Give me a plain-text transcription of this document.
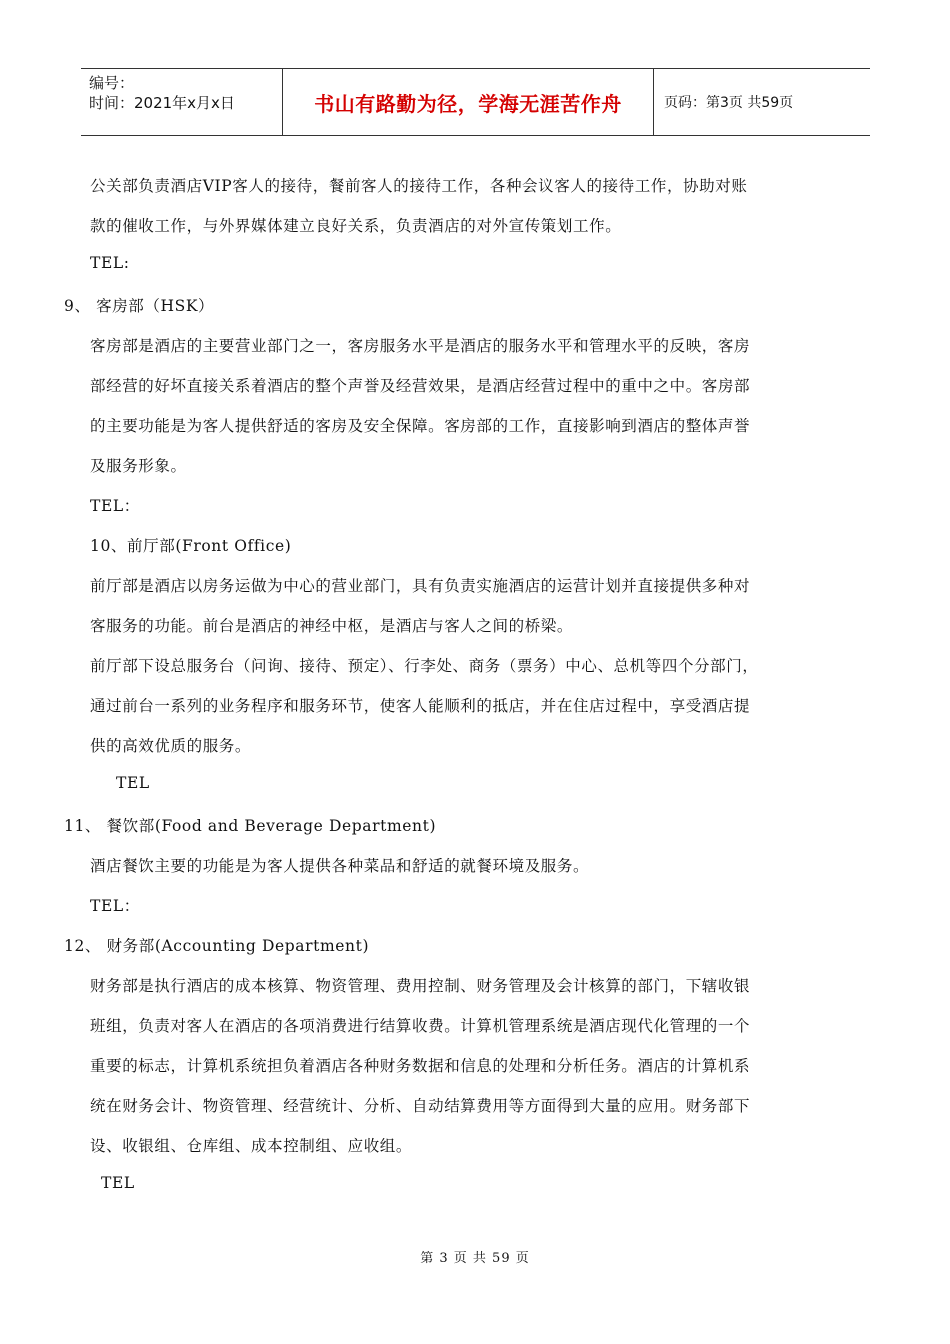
编号：
时间：2021年x月x日	书山有路勤为径，学海无涯苦作舟	页码：第3页 共59页
公关部负责酒店VIP客人的接待，餐前客人的接待工作，各种会议客人的接待工作，协助对账
款的催收工作，与外界媒体建立良好关系，负责酒店的对外宣传策划工作。
TEL:
9、 客房部（HSK）
客房部是酒店的主要营业部门之一，客房服务水平是酒店的服务水平和管理水平的反映，客房
部经营的好坏直接关系着酒店的整个声誉及经营效果，是酒店经营过程中的重中之中。客房部
的主要功能是为客人提供舒适的客房及安全保障。客房部的工作，直接影响到酒店的整体声誉
及服务形象。
TEL：
10、前厅部(Front Office)
前厅部是酒店以房务运做为中心的营业部门，具有负责实施酒店的运营计划并直接提供多种对
客服务的功能。前台是酒店的神经中枢，是酒店与客人之间的桥梁。
前厅部下设总服务台（问询、接待、预定）、行李处、商务（票务）中心、总机等四个分部门，
通过前台一系列的业务程序和服务环节，使客人能顺利的抵店，并在住店过程中，享受酒店提
供的高效优质的服务。
TEL
11、 餐饮部(Food and Beverage Department)
酒店餐饮主要的功能是为客人提供各种菜品和舒适的就餐环境及服务。
TEL：
12、 财务部(Accounting Department)
财务部是执行酒店的成本核算、物资管理、费用控制、财务管理及会计核算的部门，下辖收银
班组，负责对客人在酒店的各项消费进行结算收费。计算机管理系统是酒店现代化管理的一个
重要的标志，计算机系统担负着酒店各种财务数据和信息的处理和分析任务。酒店的计算机系
统在财务会计、物资管理、经营统计、分析、自动结算费用等方面得到大量的应用。财务部下
设、收银组、仓库组、成本控制组、应收组。
TEL
第 3 页 共 59 页
